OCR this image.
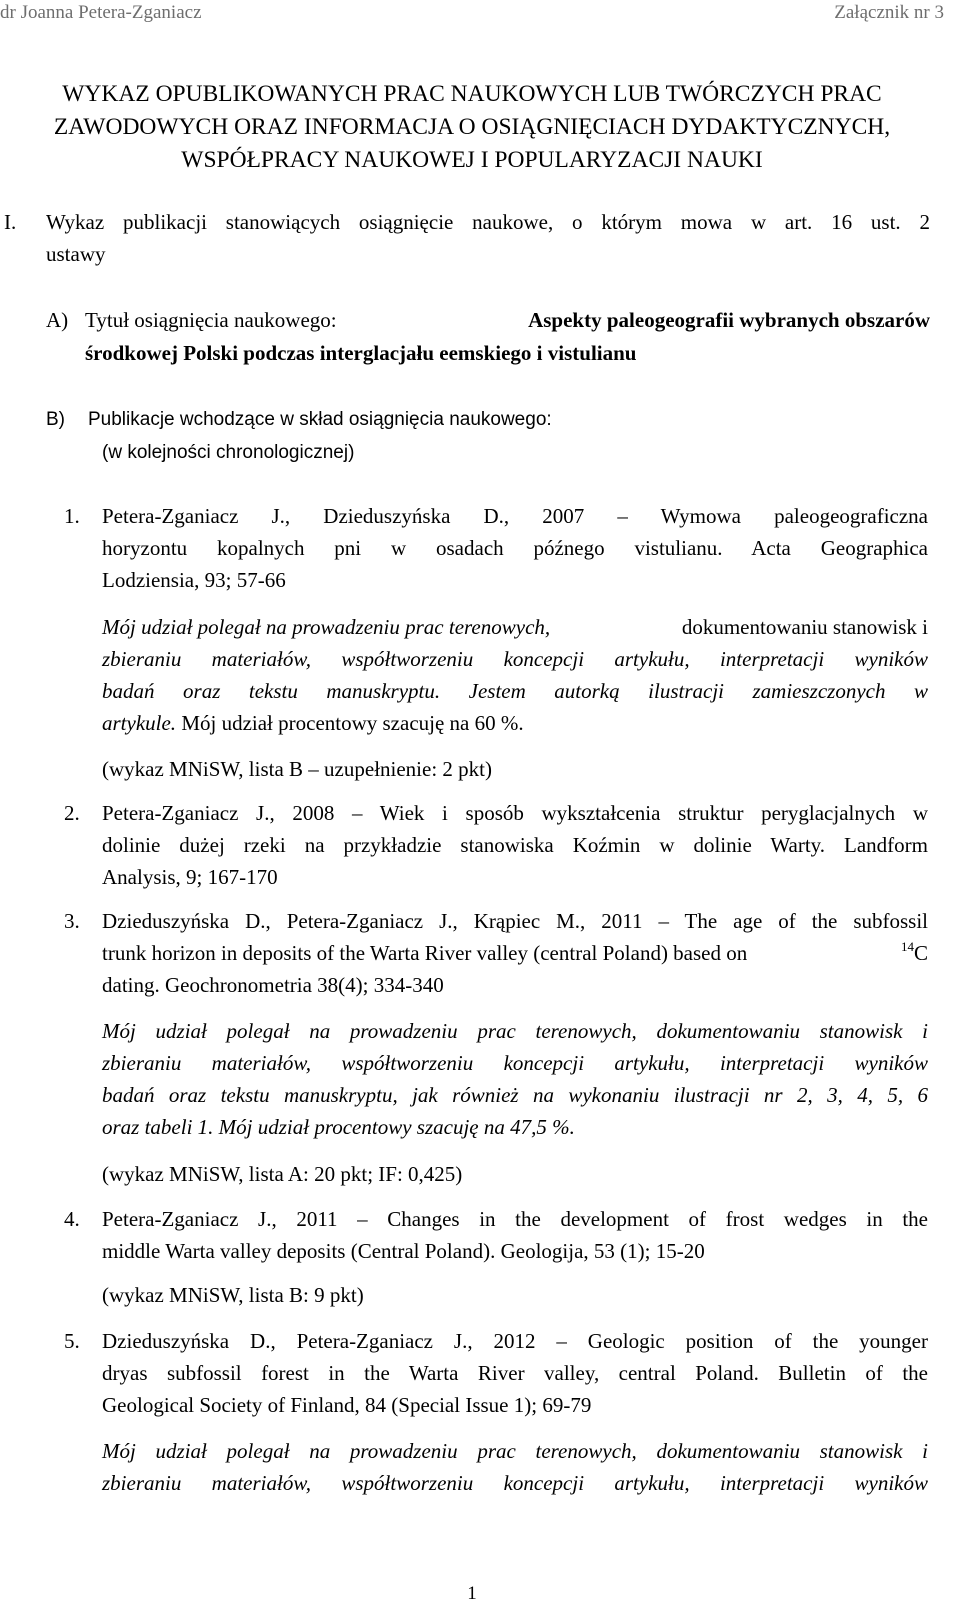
dr Joanna Petera-Zganiacz	Załącznik nr 3
WYKAZ OPUBLIKOWANYCH PRAC NAUKOWYCH LUB TWÓRCZYCH PRAC
ZAWODOWYCH ORAZ INFORMACJA O OSIĄGNIĘCIACH DYDAKTYCZNYCH,
WSPÓŁPRACY NAUKOWEJ I POPULARYZACJI NAUKI
I. Wykaz publikacji stanowiących osiągnięcie naukowe, o którym mowa w art. 16 ust. 2
ustawy
A) Tytuł osiągnięcia naukowego:	Aspekty paleogeografii wybranych obszarów
środkowej Polski podczas interglacjału eemskiego i vistulianu
B) Publikacje wchodzące w skład osiągnięcia naukowego:
(w kolejności chronologicznej)
1. Petera-Zganiacz J., Dzieduszyńska D., 2007 – Wymowa paleogeograficzna
horyzontu kopalnych pni w osadach późnego vistulianu. Acta Geographica
Lodziensia, 93; 57-66
Mój udział polegał na prowadzeniu prac terenowych,	dokumentowaniu stanowisk i
zbieraniu materiałów, współtworzeniu koncepcji artykułu, interpretacji wyników
badań oraz tekstu manuskryptu. Jestem autorką ilustracji zamieszczonych w
artykule. Mój udział procentowy szacuję na 60 %.
(wykaz MNiSW, lista B – uzupełnienie: 2 pkt)
2. Petera-Zganiacz J., 2008 – Wiek i sposób wykształcenia struktur peryglacjalnych w
dolinie dużej rzeki na przykładzie stanowiska Koźmin w dolinie Warty. Landform
Analysis, 9; 167-170
3. Dzieduszyńska D., Petera-Zganiacz J., Krąpiec M., 2011 – The age of the subfossil
trunk horizon in deposits of the Warta River valley (central Poland) based on	$^{14}$C
dating. Geochronometria 38(4); 334-340
Mój udział polegał na prowadzeniu prac terenowych, dokumentowaniu stanowisk i
zbieraniu materiałów, współtworzeniu koncepcji artykułu, interpretacji wyników
badań oraz tekstu manuskryptu, jak również na wykonaniu ilustracji nr 2, 3, 4, 5, 6
oraz tabeli 1. Mój udział procentowy szacuję na 47,5 %.
(wykaz MNiSW, lista A: 20 pkt; IF: 0,425)
4. Petera-Zganiacz J., 2011 – Changes in the development of frost wedges in the
middle Warta valley deposits (Central Poland). Geologija, 53 (1); 15-20
(wykaz MNiSW, lista B: 9 pkt)
5. Dzieduszyńska D., Petera-Zganiacz J., 2012 – Geologic position of the younger
dryas subfossil forest in the Warta River valley, central Poland. Bulletin of the
Geological Society of Finland, 84 (Special Issue 1); 69-79
Mój udział polegał na prowadzeniu prac terenowych, dokumentowaniu stanowisk i
zbieraniu materiałów, współtworzeniu koncepcji artykułu, interpretacji wyników
1
